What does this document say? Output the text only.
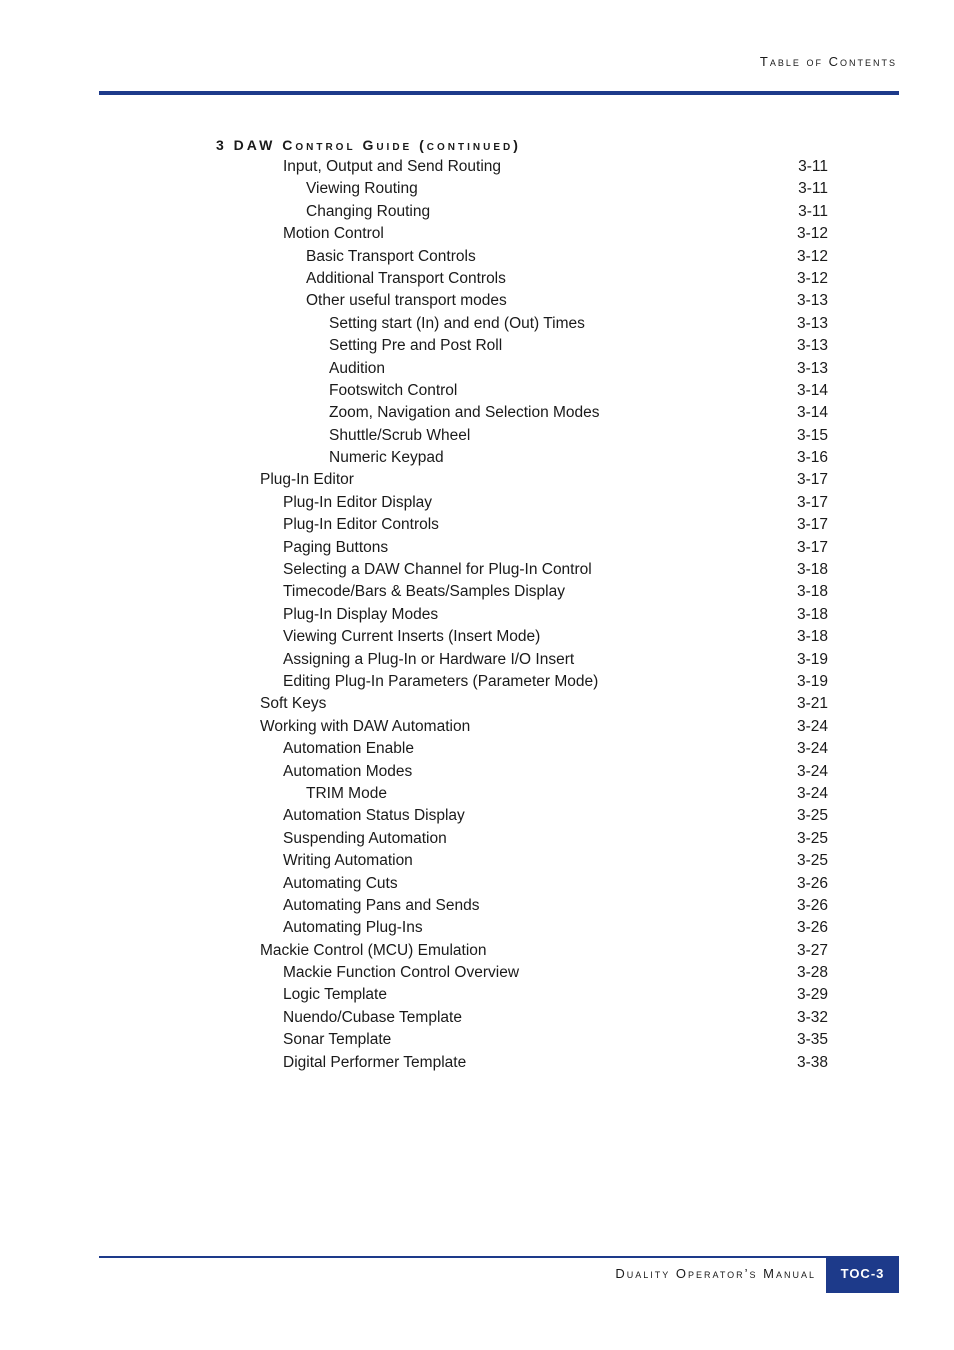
Table of Contents
3 DAW Control Guide (continued)
Input, Output and Send Routing	3-11
Viewing Routing	3-11
Changing Routing	3-11
Motion Control	3-12
Basic Transport Controls	3-12
Additional Transport Controls	3-12
Other useful transport modes	3-13
Setting start (In) and end (Out) Times	3-13
Setting Pre and Post Roll	3-13
Audition	3-13
Footswitch Control	3-14
Zoom, Navigation and Selection Modes	3-14
Shuttle/Scrub Wheel	3-15
Numeric Keypad	3-16
Plug-In Editor	3-17
Plug-In Editor Display	3-17
Plug-In Editor Controls	3-17
Paging Buttons	3-17
Selecting a DAW Channel for Plug-In Control	3-18
Timecode/Bars & Beats/Samples Display	3-18
Plug-In Display Modes	3-18
Viewing Current Inserts (Insert Mode)	3-18
Assigning a Plug-In or Hardware I/O Insert	3-19
Editing Plug-In Parameters (Parameter Mode)	3-19
Soft Keys	3-21
Working with DAW Automation	3-24
Automation Enable	3-24
Automation Modes	3-24
TRIM Mode	3-24
Automation Status Display	3-25
Suspending Automation	3-25
Writing Automation	3-25
Automating Cuts	3-26
Automating Pans and Sends	3-26
Automating Plug-Ins	3-26
Mackie Control (MCU) Emulation	3-27
Mackie Function Control Overview	3-28
Logic Template	3-29
Nuendo/Cubase Template	3-32
Sonar Template	3-35
Digital Performer Template	3-38
Duality Operator’s Manual	TOC-3
